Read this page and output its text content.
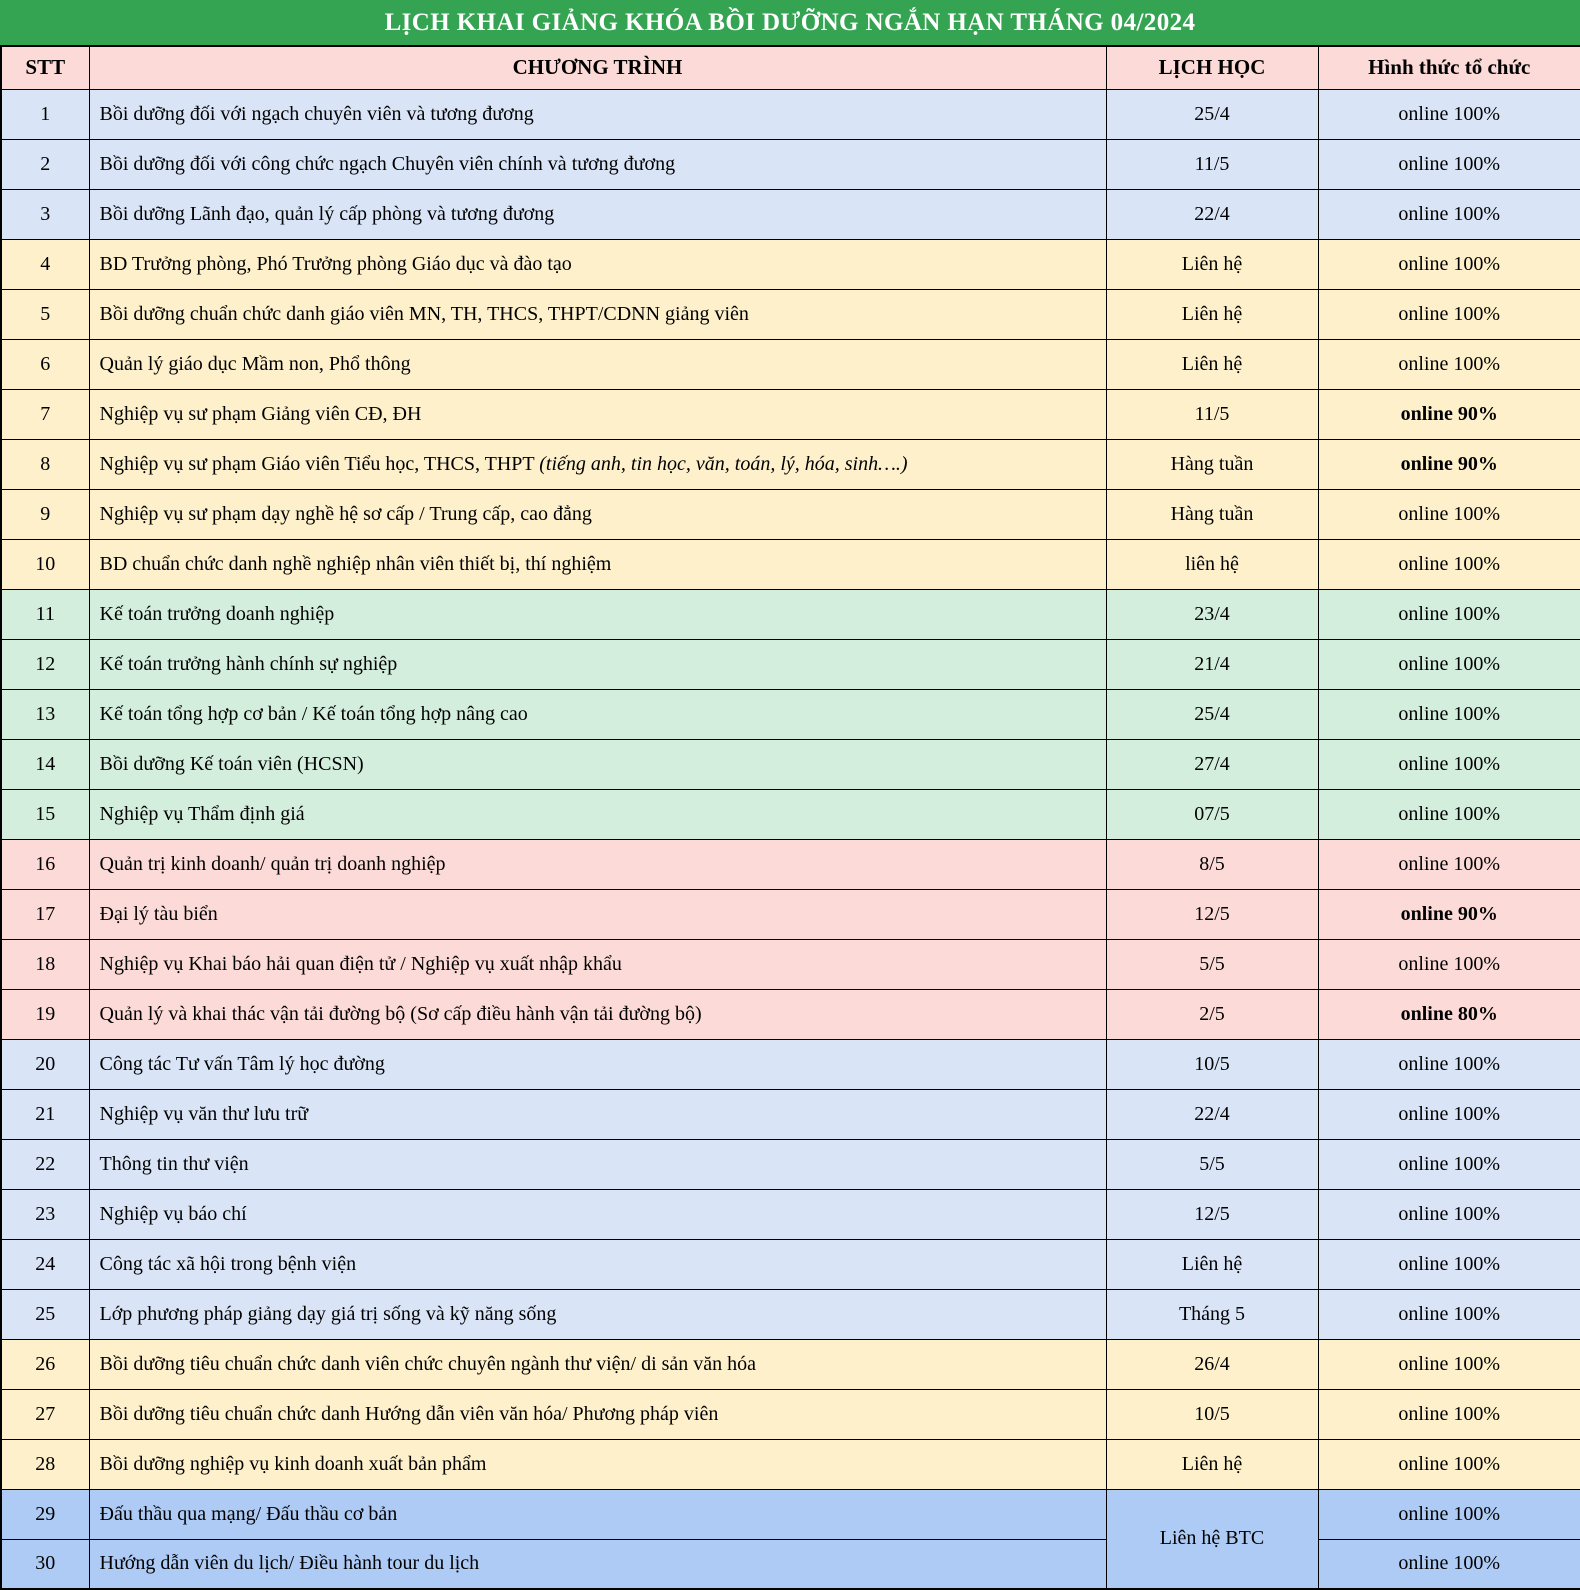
LỊCH KHAI GIẢNG KHÓA BỒI DƯỠNG NGẮN HẠN THÁNG 04/2024
STT	CHƯƠNG TRÌNH	LỊCH HỌC	Hình thức tổ chức
1	Bồi dưỡng đối với ngạch chuyên viên và tương đương	25/4	online 100%
2	Bồi dưỡng đối với công chức ngạch Chuyên viên chính và tương đương	11/5	online 100%
3	Bồi dưỡng Lãnh đạo, quản lý cấp phòng và tương đương	22/4	online 100%
4	BD Trưởng phòng, Phó Trưởng phòng Giáo dục và đào tạo	Liên hệ	online 100%
5	Bồi dưỡng chuẩn chức danh giáo viên MN, TH, THCS, THPT/CDNN giảng viên	Liên hệ	online 100%
6	Quản lý giáo dục Mầm non, Phổ thông	Liên hệ	online 100%
7	Nghiệp vụ sư phạm Giảng viên CĐ, ĐH	11/5	online 90%
8	Nghiệp vụ sư phạm Giáo viên Tiểu học, THCS, THPT (tiếng anh, tin học, văn, toán, lý, hóa, sinh….)	Hàng tuần	online 90%
9	Nghiệp vụ sư phạm dạy nghề hệ sơ cấp / Trung cấp, cao đẳng	Hàng tuần	online 100%
10	BD chuẩn chức danh nghề nghiệp nhân viên thiết bị, thí nghiệm	liên hệ	online 100%
11	Kế toán trưởng doanh nghiệp	23/4	online 100%
12	Kế toán trưởng hành chính sự nghiệp	21/4	online 100%
13	Kế toán tổng hợp cơ bản / Kế toán tổng hợp nâng cao	25/4	online 100%
14	Bồi dưỡng Kế toán viên (HCSN)	27/4	online 100%
15	Nghiệp vụ Thẩm định giá	07/5	online 100%
16	Quản trị kinh doanh/ quản trị doanh nghiệp	8/5	online 100%
17	Đại lý tàu biển	12/5	online 90%
18	Nghiệp vụ Khai báo hải quan điện tử / Nghiệp vụ xuất nhập khẩu	5/5	online 100%
19	Quản lý và khai thác vận tải đường bộ (Sơ cấp điều hành vận tải đường bộ)	2/5	online 80%
20	Công tác Tư vấn Tâm lý học đường	10/5	online 100%
21	Nghiệp vụ văn thư lưu trữ	22/4	online 100%
22	Thông tin thư viện	5/5	online 100%
23	Nghiệp vụ báo chí	12/5	online 100%
24	Công tác xã hội trong bệnh viện	Liên hệ	online 100%
25	Lớp phương pháp giảng dạy giá trị sống và kỹ năng sống	Tháng 5	online 100%
26	Bồi dưỡng tiêu chuẩn chức danh viên chức chuyên ngành thư viện/ di sản văn hóa	26/4	online 100%
27	Bồi dưỡng tiêu chuẩn chức danh Hướng dẫn viên văn hóa/ Phương pháp viên	10/5	online 100%
28	Bồi dưỡng nghiệp vụ kinh doanh xuất bản phẩm	Liên hệ	online 100%
29	Đấu thầu qua mạng/ Đấu thầu cơ bản	Liên hệ BTC	online 100%
30	Hướng dẫn viên du lịch/ Điều hành tour du lịch		online 100%
